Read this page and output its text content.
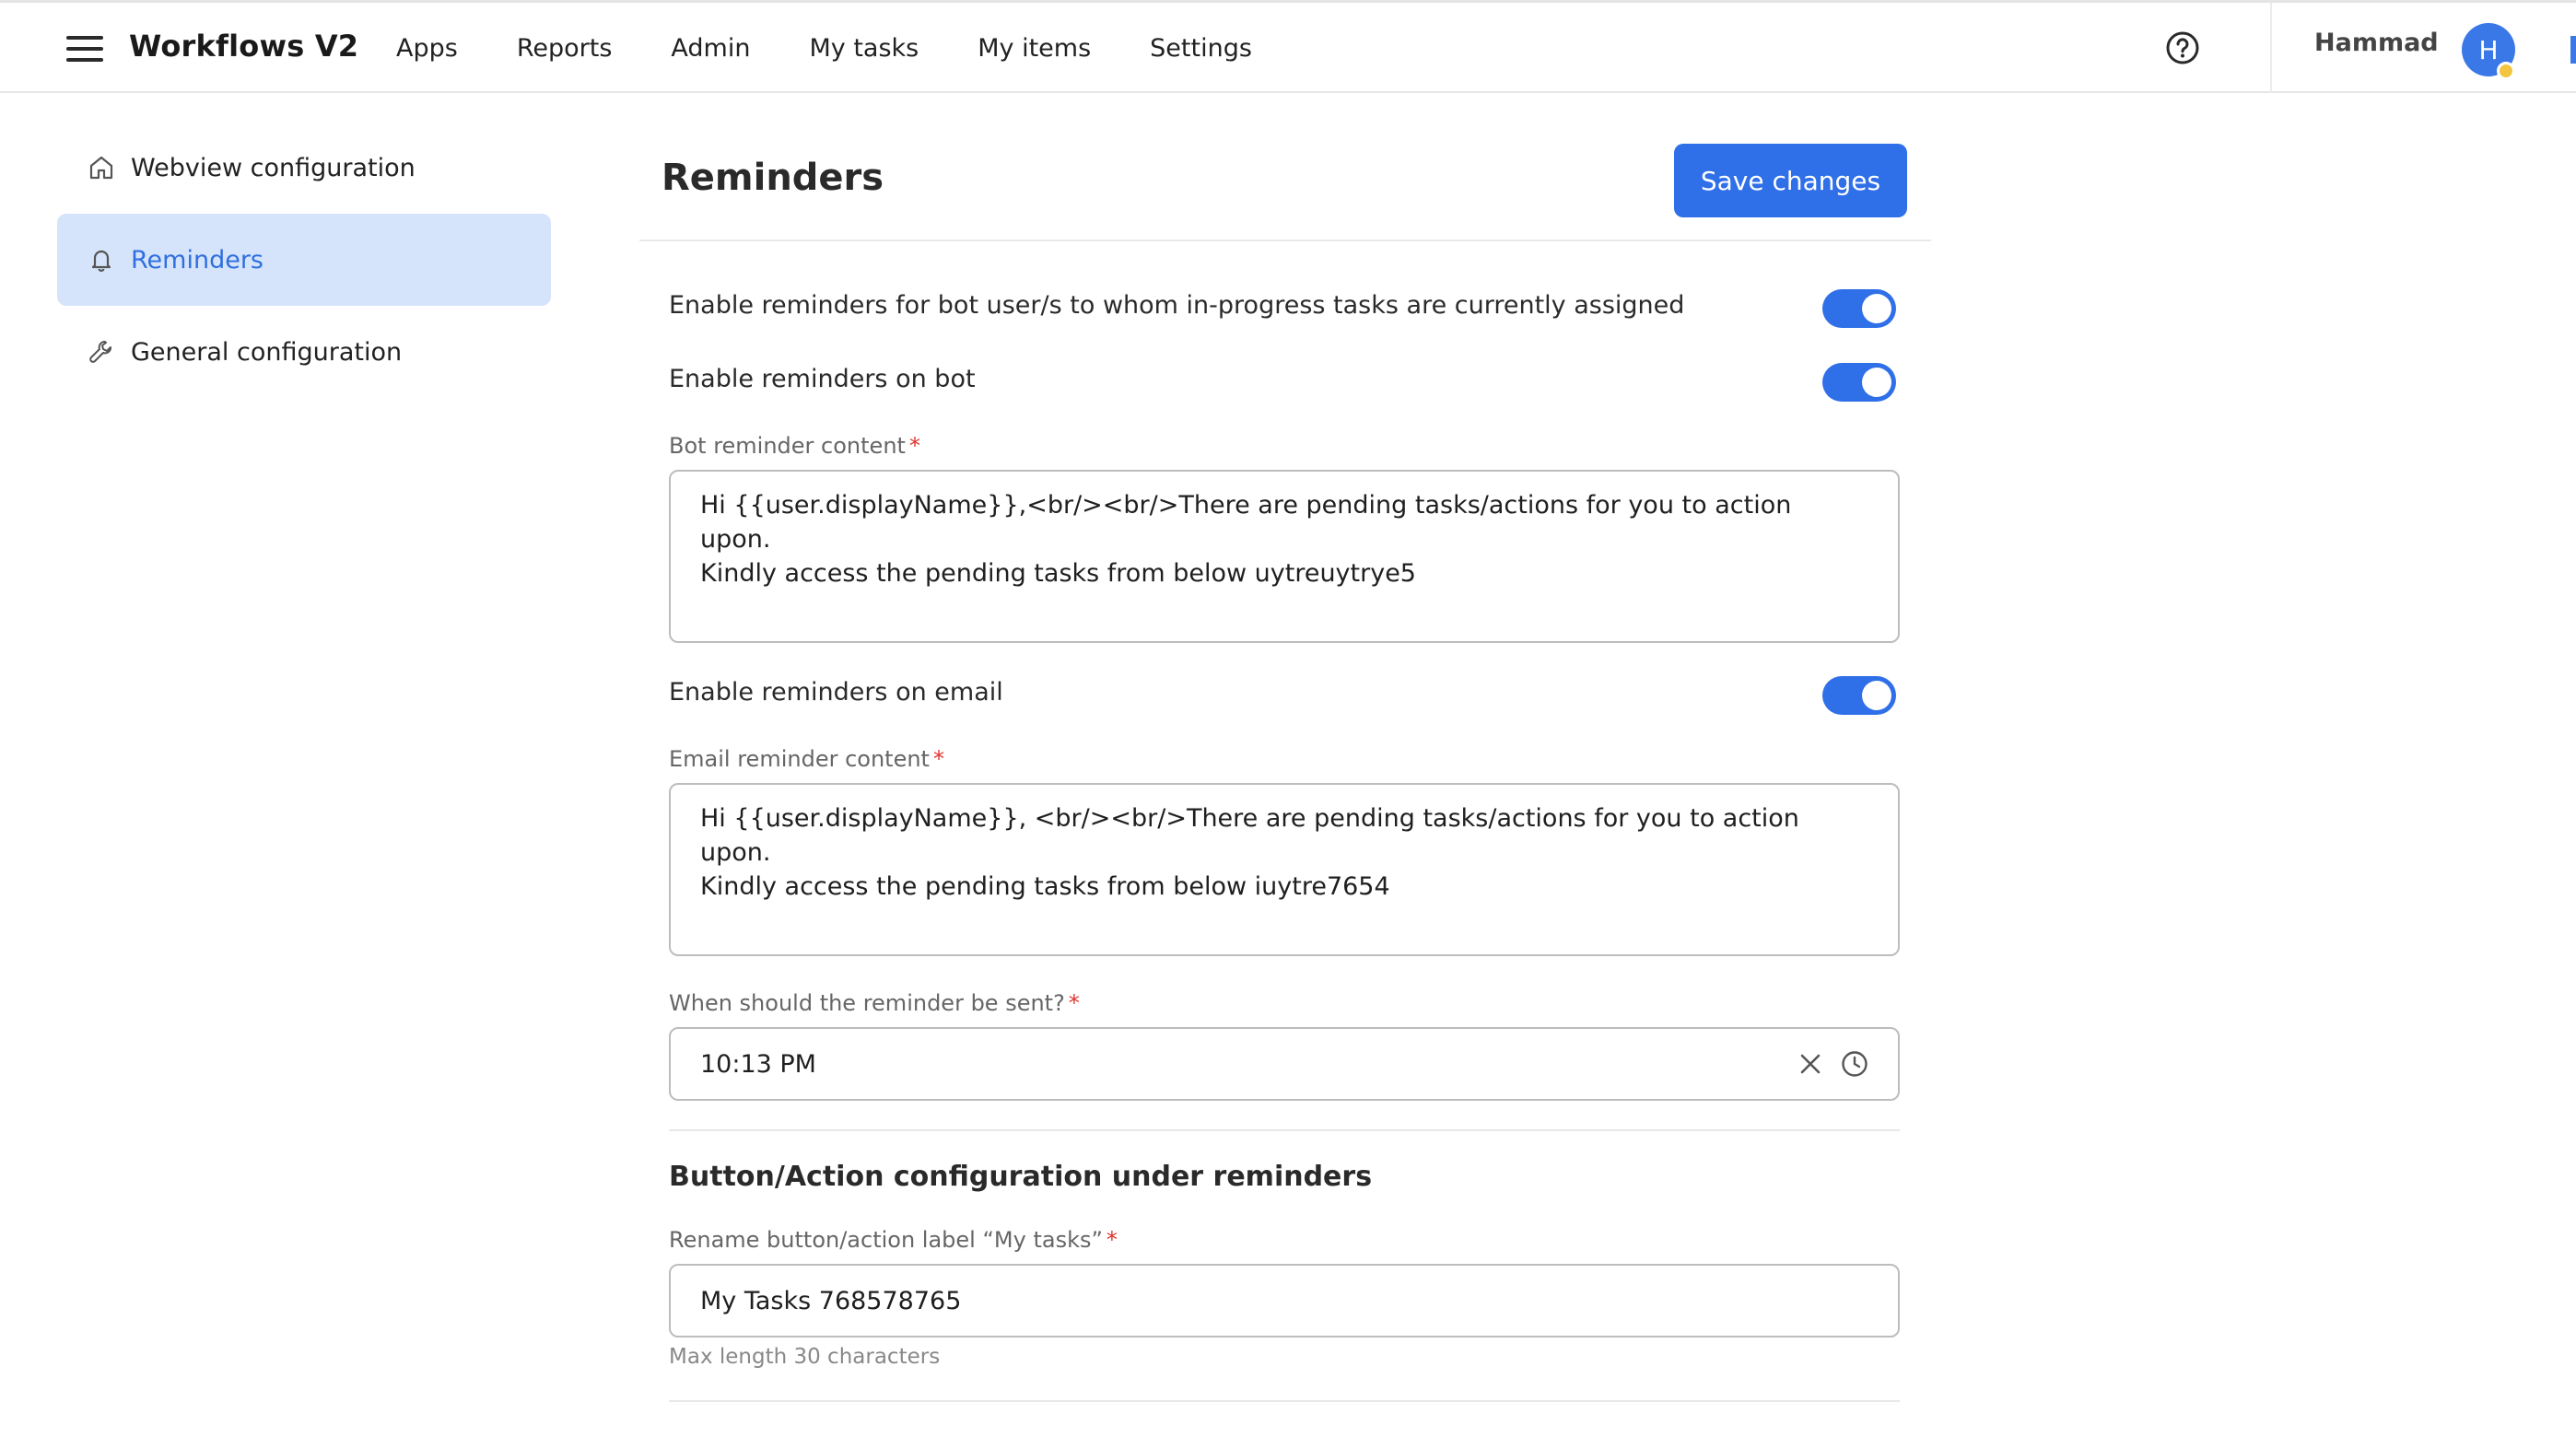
Workflows V2 Apps Reports Admin My tasks My items Settings	Hammad	H
Webview configuration
Reminders
General configuration
Reminders	Save changes
Enable reminders for bot user/s to whom in-progress tasks are currently assigned
Enable reminders on bot
Bot reminder content *
Hi {{user.displayName}},<br/><br/>There are pending tasks/actions for you to action upon.
Kindly access the pending tasks from below uytreuytrye5
Enable reminders on email
Email reminder content *
Hi {{user.displayName}}, <br/><br/>There are pending tasks/actions for you to action upon.
Kindly access the pending tasks from below iuytre7654
When should the reminder be sent? *
10:13 PM
Button/Action configuration under reminders
Rename button/action label “My tasks” *
My Tasks 768578765
Max length 30 characters
